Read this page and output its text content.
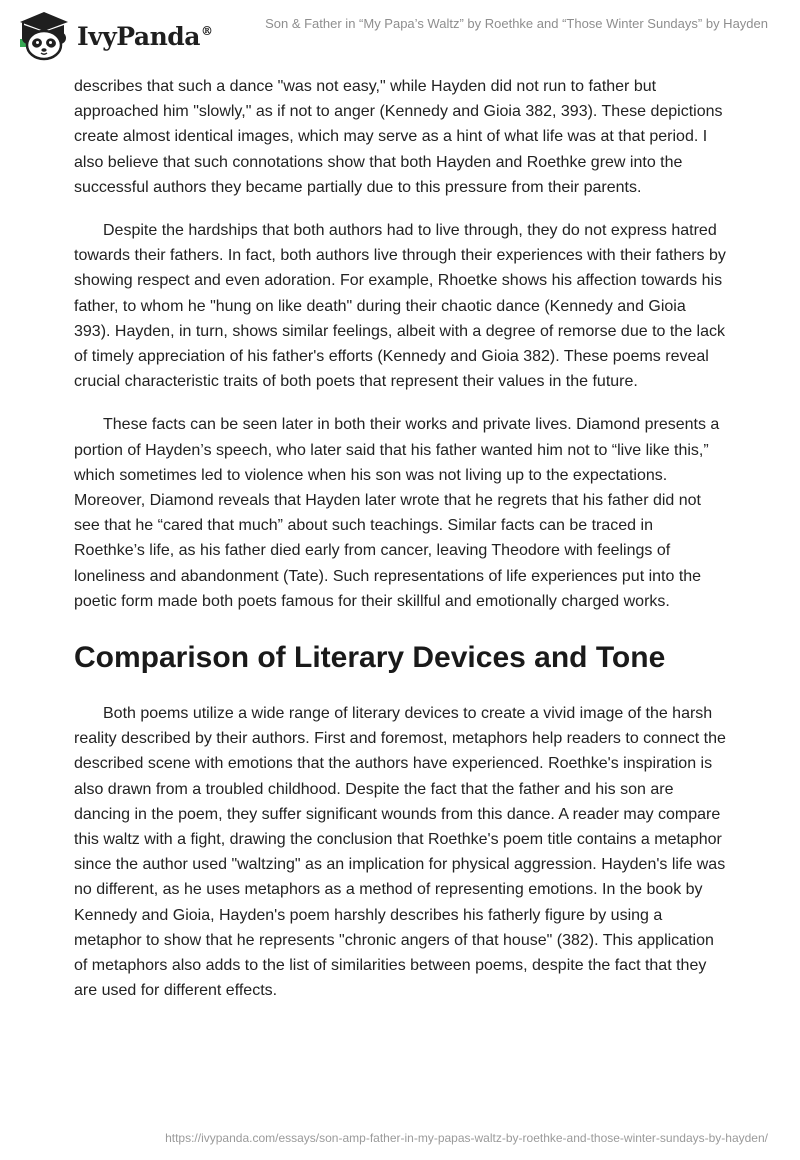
IvyPanda®
Son & Father in “My Papa’s Waltz” by Roethke and “Those Winter Sundays” by Hayden

describes that such a dance "was not easy," while Hayden did not run to father but approached him "slowly," as if not to anger (Kennedy and Gioia 382, 393). These depictions create almost identical images, which may serve as a hint of what life was at that period. I also believe that such connotations show that both Hayden and Roethke grew into the successful authors they became partially due to this pressure from their parents.

Despite the hardships that both authors had to live through, they do not express hatred towards their fathers. In fact, both authors live through their experiences with their fathers by showing respect and even adoration. For example, Rhoetke shows his affection towards his father, to whom he "hung on like death" during their chaotic dance (Kennedy and Gioia 393). Hayden, in turn, shows similar feelings, albeit with a degree of remorse due to the lack of timely appreciation of his father's efforts (Kennedy and Gioia 382). These poems reveal crucial characteristic traits of both poets that represent their values in the future.

These facts can be seen later in both their works and private lives. Diamond presents a portion of Hayden’s speech, who later said that his father wanted him not to “live like this,” which sometimes led to violence when his son was not living up to the expectations. Moreover, Diamond reveals that Hayden later wrote that he regrets that his father did not see that he “cared that much” about such teachings. Similar facts can be traced in Roethke’s life, as his father died early from cancer, leaving Theodore with feelings of loneliness and abandonment (Tate). Such representations of life experiences put into the poetic form made both poets famous for their skillful and emotionally charged works.

Comparison of Literary Devices and Tone

Both poems utilize a wide range of literary devices to create a vivid image of the harsh reality described by their authors. First and foremost, metaphors help readers to connect the described scene with emotions that the authors have experienced. Roethke's inspiration is also drawn from a troubled childhood. Despite the fact that the father and his son are dancing in the poem, they suffer significant wounds from this dance. A reader may compare this waltz with a fight, drawing the conclusion that Roethke's poem title contains a metaphor since the author used "waltzing" as an implication for physical aggression. Hayden's life was no different, as he uses metaphors as a method of representing emotions. In the book by Kennedy and Gioia, Hayden's poem harshly describes his fatherly figure by using a metaphor to show that he represents "chronic angers of that house" (382). This application of metaphors also adds to the list of similarities between poems, despite the fact that they are used for different effects.

https://ivypanda.com/essays/son-amp-father-in-my-papas-waltz-by-roethke-and-those-winter-sundays-by-hayden/
